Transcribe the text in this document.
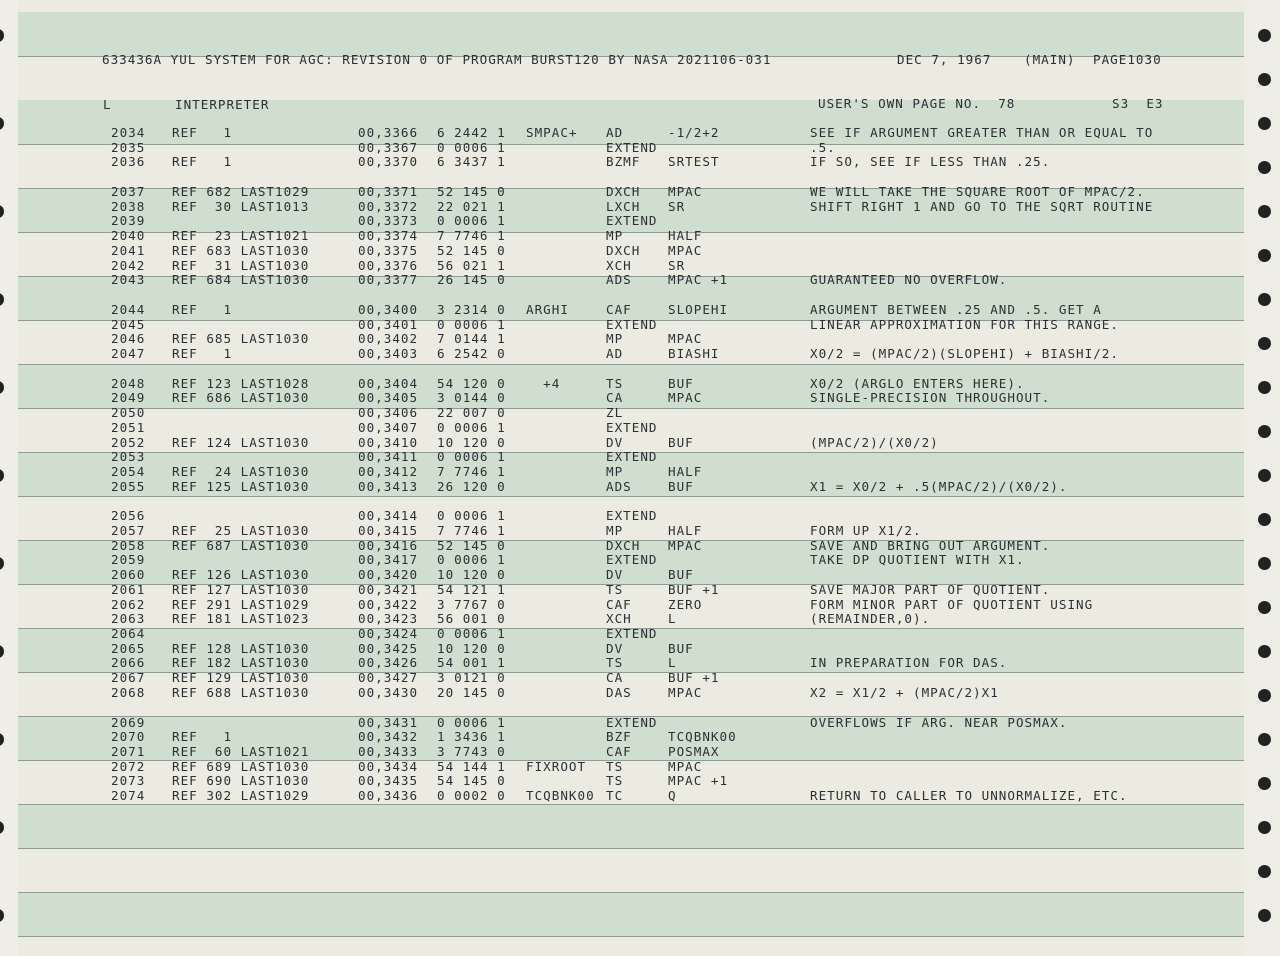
633436A YUL SYSTEM FOR AGC: REVISION 0 OF PROGRAM BURST120 BY NASA 2021106-031	DEC 7, 1967	(MAIN) PAGE1030
L	INTERPRETER	USER'S OWN PAGE NO.  78	S3  E3
2034 REF   1	00,3366 6 2442 1 SMPAC+ AD	-1/2+2	SEE IF ARGUMENT GREATER THAN OR EQUAL TO
2035	00,3367 0 0006 1	EXTEND	.5.
2036 REF   1	00,3370 6 3437 1	BZMF SRTEST	IF SO, SEE IF LESS THAN .25.
2037 REF 682 LAST1029	00,3371 52 145 0	DXCH MPAC	WE WILL TAKE THE SQUARE ROOT OF MPAC/2.
2038 REF  30 LAST1013	00,3372 22 021 1	LXCH SR	SHIFT RIGHT 1 AND GO TO THE SQRT ROUTINE
2039	00,3373 0 0006 1	EXTEND
2040 REF  23 LAST1021	00,3374 7 7746 1	MP	HALF
2041 REF 683 LAST1030	00,3375 52 145 0	DXCH MPAC
2042 REF  31 LAST1030	00,3376 56 021 1	XCH	SR
2043 REF 684 LAST1030	00,3377 26 145 0	ADS	MPAC +1	GUARANTEED NO OVERFLOW.
2044 REF   1	00,3400 3 2314 0 ARGHI	CAF	SLOPEHI	ARGUMENT BETWEEN .25 AND .5. GET A
2045	00,3401 0 0006 1	EXTEND	LINEAR APPROXIMATION FOR THIS RANGE.
2046 REF 685 LAST1030	00,3402 7 0144 1	MP	MPAC
2047 REF   1	00,3403 6 2542 0	AD	BIASHI	X0/2 = (MPAC/2)(SLOPEHI) + BIASHI/2.
2048 REF 123 LAST1028	00,3404 54 120 0 +4	TS	BUF	X0/2 (ARGLO ENTERS HERE).
2049 REF 686 LAST1030	00,3405 3 0144 0	CA	MPAC	SINGLE-PRECISION THROUGHOUT.
2050	00,3406 22 007 0	ZL
2051	00,3407 0 0006 1	EXTEND
2052 REF 124 LAST1030	00,3410 10 120 0	DV	BUF	(MPAC/2)/(X0/2)
2053	00,3411 0 0006 1	EXTEND
2054 REF  24 LAST1030	00,3412 7 7746 1	MP	HALF
2055 REF 125 LAST1030	00,3413 26 120 0	ADS	BUF	X1 = X0/2 + .5(MPAC/2)/(X0/2).
2056	00,3414 0 0006 1	EXTEND
2057 REF  25 LAST1030	00,3415 7 7746 1	MP	HALF	FORM UP X1/2.
2058 REF 687 LAST1030	00,3416 52 145 0	DXCH MPAC	SAVE AND BRING OUT ARGUMENT.
2059	00,3417 0 0006 1	EXTEND	TAKE DP QUOTIENT WITH X1.
2060 REF 126 LAST1030	00,3420 10 120 0	DV	BUF
2061 REF 127 LAST1030	00,3421 54 121 1	TS	BUF +1	SAVE MAJOR PART OF QUOTIENT.
2062 REF 291 LAST1029	00,3422 3 7767 0	CAF	ZERO	FORM MINOR PART OF QUOTIENT USING
2063 REF 181 LAST1023	00,3423 56 001 0	XCH	L	(REMAINDER,0).
2064	00,3424 0 0006 1	EXTEND
2065 REF 128 LAST1030	00,3425 10 120 0	DV	BUF
2066 REF 182 LAST1030	00,3426 54 001 1	TS	L	IN PREPARATION FOR DAS.
2067 REF 129 LAST1030	00,3427 3 0121 0	CA	BUF +1
2068 REF 688 LAST1030	00,3430 20 145 0	DAS	MPAC	X2 = X1/2 + (MPAC/2)X1
2069	00,3431 0 0006 1	EXTEND	OVERFLOWS IF ARG. NEAR POSMAX.
2070 REF   1	00,3432 1 3436 1	BZF	TCQBNK00
2071 REF  60 LAST1021	00,3433 3 7743 0	CAF	POSMAX
2072 REF 689 LAST1030	00,3434 54 144 1 FIXROOT TS	MPAC
2073 REF 690 LAST1030	00,3435 54 145 0	TS	MPAC +1
2074 REF 302 LAST1029	00,3436 0 0002 0 TCQBNK00 TC	Q	RETURN TO CALLER TO UNNORMALIZE, ETC.
